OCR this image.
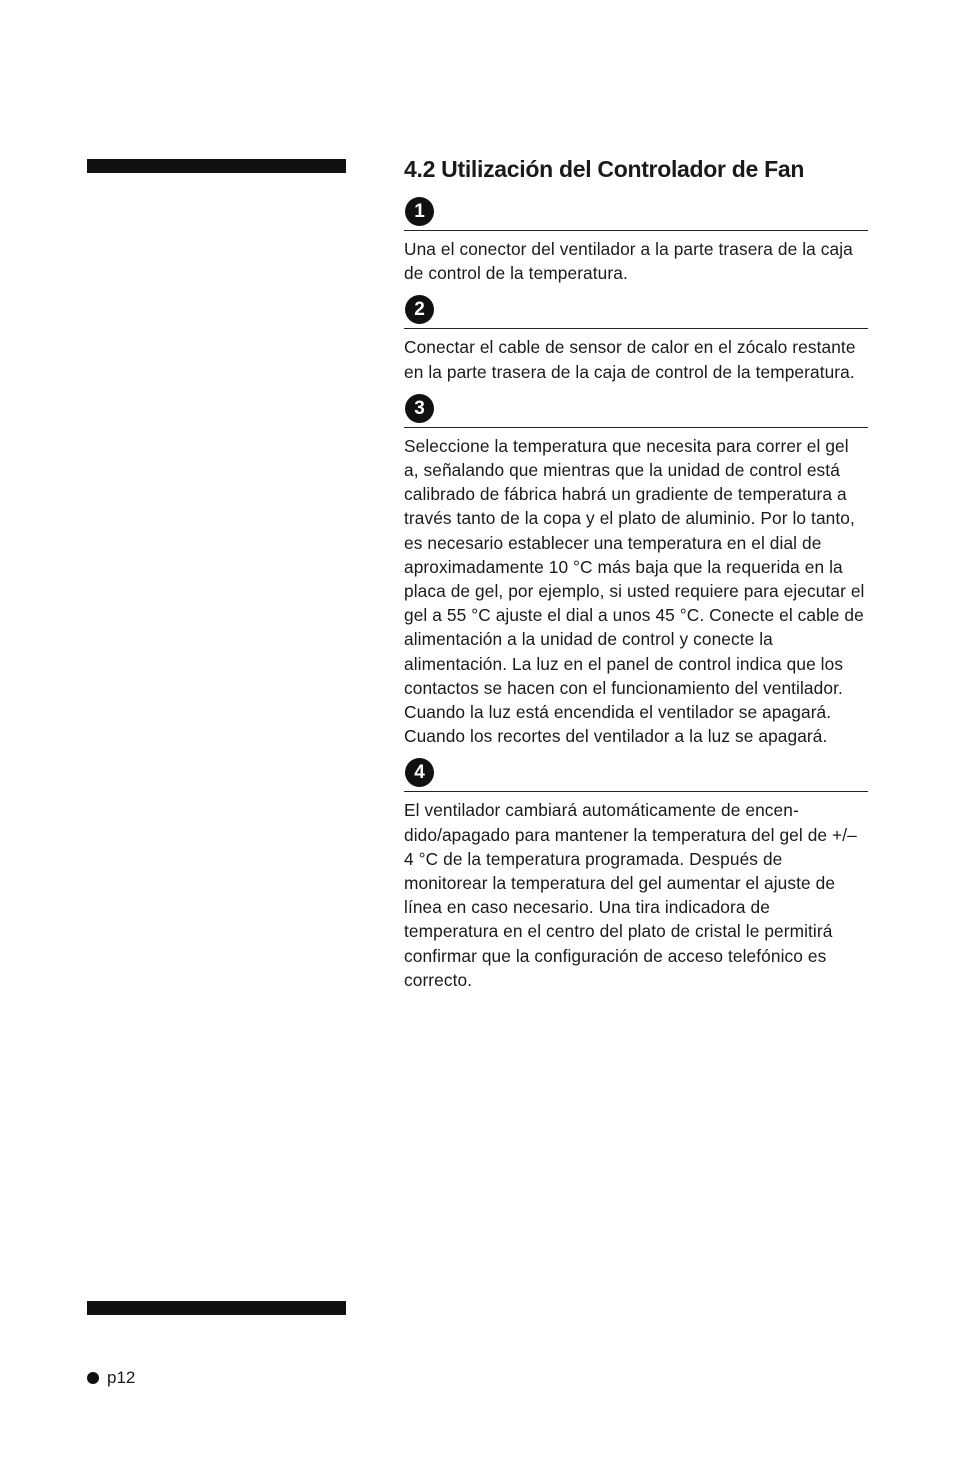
4.2 Utilización del Controlador de Fan
1

Una el conector del ventilador a la parte trasera de la caja de control de la temperatura.

2

Conectar el cable de sensor de calor en el zócalo restante en la parte trasera de la caja de control de la temperatura.

3

Seleccione la temperatura que necesita para correr el gel a, señalando que mientras que la unidad de control está calibrado de fábrica habrá un gradiente de temperatura a través tanto de la copa y el plato de aluminio. Por lo tanto, es necesario establecer una temperatura en el dial de aproximadamente 10 °C más baja que la requerida en la placa de gel, por ejemplo, si usted requiere para ejecutar el gel a 55 °C ajuste el dial a unos 45 °C. Conecte el cable de alimentación a la unidad de control y conecte la alimentación. La luz en el panel de control indica que los contactos se hacen con el funcionamiento del ventilador. Cuando la luz está encendida el ventilador se apagará. Cuando los recortes del ventilador a la luz se apagará.

4

El ventilador cambiará automáticamente de encen-dido/apagado para mantener la temperatura del gel de +/– 4 °C de la temperatura programada. Después de monitorear la temperatura del gel aumentar el ajuste de línea en caso necesario. Una tira indicadora de temperatura en el centro del plato de cristal le permitirá confirmar que la configuración de acceso telefónico es correcto.

p12
